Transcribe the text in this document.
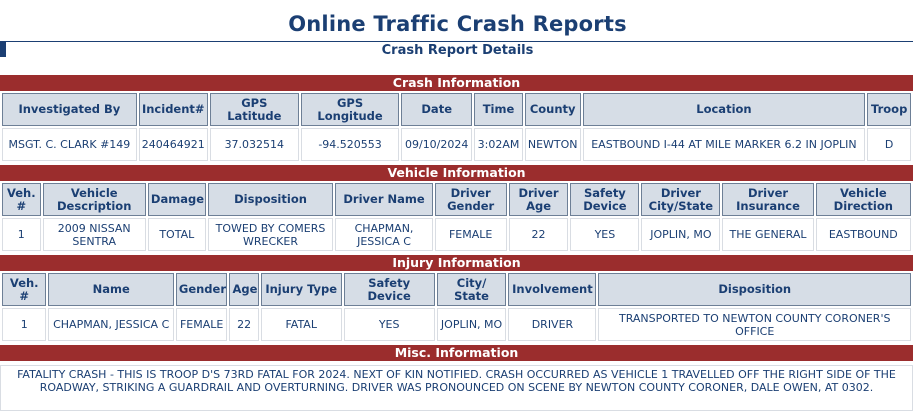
Online Traffic Crash Reports
Crash Report Details
Crash Information
Investigated By	Incident#	GPS Latitude	GPS Longitude	Date	Time	County	Location	Troop
MSGT. C. CLARK #149	240464921	37.032514	-94.520553	09/10/2024	3:02AM	NEWTON	EASTBOUND I-44 AT MILE MARKER 6.2 IN JOPLIN	D
Vehicle Information
Veh. #	Vehicle Description	Damage	Disposition	Driver Name	Driver Gender	Driver Age	Safety Device	Driver City/State	Driver Insurance	Vehicle Direction
1	2009 NISSAN SENTRA	TOTAL	TOWED BY COMERS WRECKER	CHAPMAN, JESSICA C	FEMALE	22	YES	JOPLIN, MO	THE GENERAL	EASTBOUND
Injury Information
Veh. #	Name	Gender	Age	Injury Type	Safety Device	City/ State	Involvement	Disposition
1	CHAPMAN, JESSICA C	FEMALE	22	FATAL	YES	JOPLIN, MO	DRIVER	TRANSPORTED TO NEWTON COUNTY CORONER'S OFFICE
Misc. Information
FATALITY CRASH - THIS IS TROOP D'S 73RD FATAL FOR 2024. NEXT OF KIN NOTIFIED. CRASH OCCURRED AS VEHICLE 1 TRAVELLED OFF THE RIGHT SIDE OF THE ROADWAY, STRIKING A GUARDRAIL AND OVERTURNING. DRIVER WAS PRONOUNCED ON SCENE BY NEWTON COUNTY CORONER, DALE OWEN, AT 0302.
